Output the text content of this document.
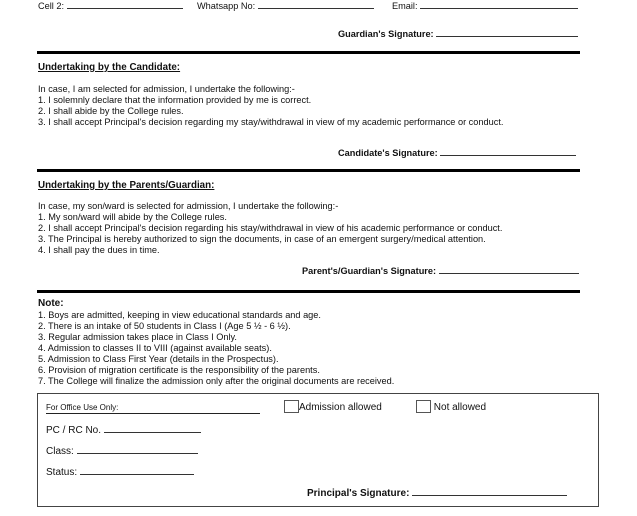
Cell 2:	Whatsapp No:	Email:
Guardian's Signature:
Undertaking by the Candidate:
In case, I am selected for admission, I undertake the following:-
1. I solemnly declare that the information provided by me is correct.
2. I shall abide by the College rules.
3. I shall accept Principal's decision regarding my stay/withdrawal in view of my academic performance or conduct.
Candidate's Signature:
Undertaking by the Parents/Guardian:
In case, my son/ward is selected for admission, I undertake the following:-
1. My son/ward will abide by the College rules.
2. I shall accept Principal's decision regarding his stay/withdrawal in view of his academic performance or conduct.
3. The Principal is hereby authorized to sign the documents, in case of an emergent surgery/medical attention.
4. I shall pay the dues in time.
Parent's/Guardian's Signature:
Note:
1. Boys are admitted, keeping in view educational standards and age.
2. There is an intake of 50 students in Class I (Age 5 ½ - 6 ½).
3. Regular admission takes place in Class I Only.
4. Admission to classes II to VIII (against available seats).
5. Admission to Class First Year (details in the Prospectus).
6. Provision of migration certificate is the responsibility of the parents.
7. The College will finalize the admission only after the original documents are received.
For Office Use Only:	Admission allowed	Not allowed
PC / RC No.
Class:
Status:
Principal's Signature:
